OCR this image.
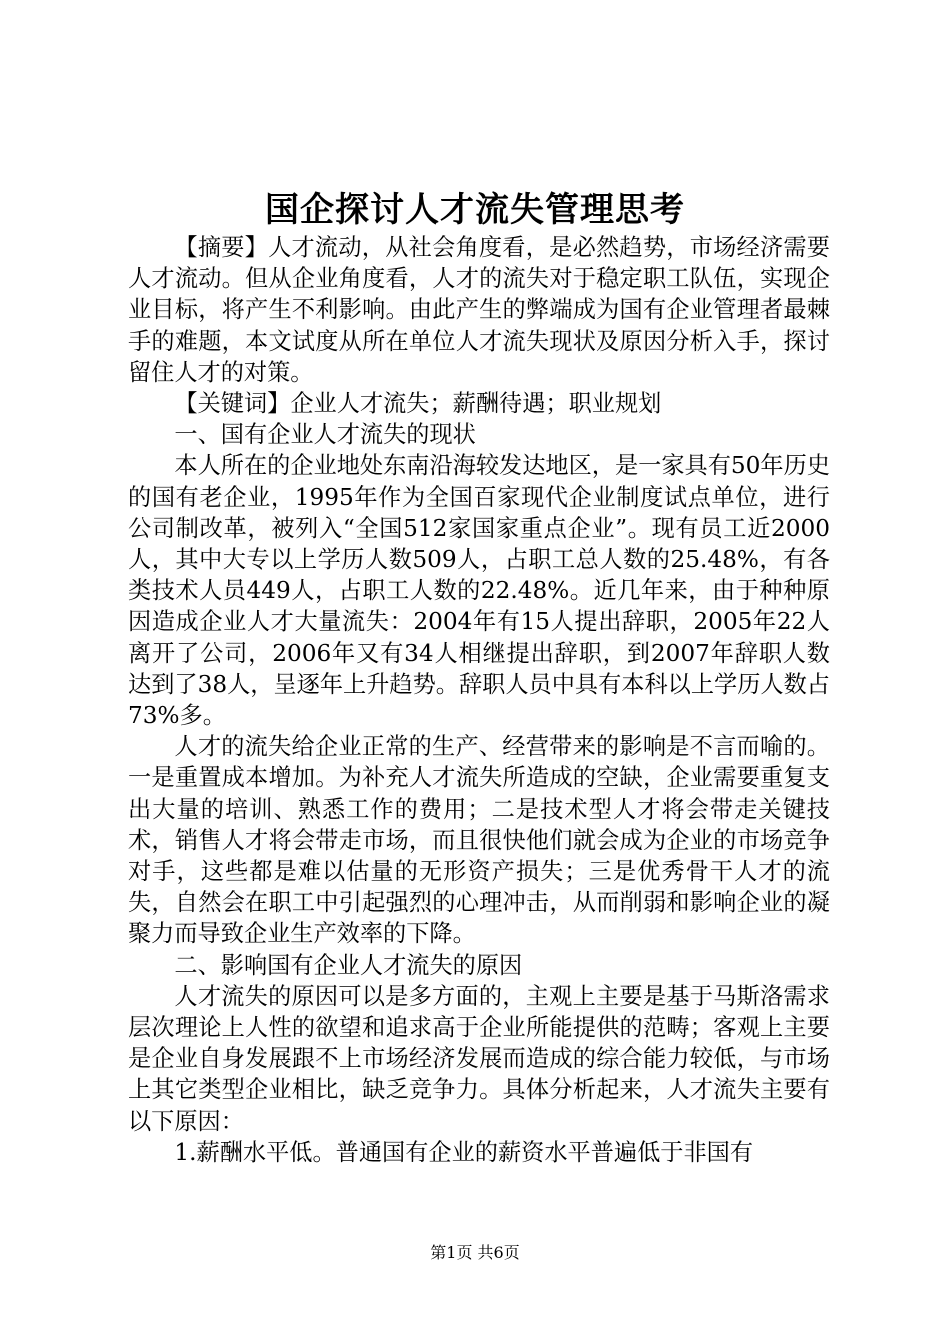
国企探讨人才流失管理思考

【摘要】人才流动，从社会角度看，是必然趋势，市场经济需要人才流动。但从企业角度看，人才的流失对于稳定职工队伍，实现企业目标，将产生不利影响。由此产生的弊端成为国有企业管理者最棘手的难题，本文试度从所在单位人才流失现状及原因分析入手，探讨留住人才的对策。

【关键词】企业人才流失；薪酬待遇；职业规划

一、国有企业人才流失的现状

本人所在的企业地处东南沿海较发达地区，是一家具有50年历史的国有老企业，1995年作为全国百家现代企业制度试点单位，进行公司制改革，被列入“全国512家国家重点企业”。现有员工近2000人，其中大专以上学历人数509人，占职工总人数的25.48%，有各类技术人员449人，占职工人数的22.48%。近几年来，由于种种原因造成企业人才大量流失：2004年有15人提出辞职，2005年22人离开了公司，2006年又有34人相继提出辞职，到2007年辞职人数达到了38人，呈逐年上升趋势。辞职人员中具有本科以上学历人数占73%多。

人才的流失给企业正常的生产、经营带来的影响是不言而喻的。一是重置成本增加。为补充人才流失所造成的空缺，企业需要重复支出大量的培训、熟悉工作的费用；二是技术型人才将会带走关键技术，销售人才将会带走市场，而且很快他们就会成为企业的市场竞争对手，这些都是难以估量的无形资产损失；三是优秀骨干人才的流失，自然会在职工中引起强烈的心理冲击，从而削弱和影响企业的凝聚力而导致企业生产效率的下降。

二、影响国有企业人才流失的原因

人才流失的原因可以是多方面的，主观上主要是基于马斯洛需求层次理论上人性的欲望和追求高于企业所能提供的范畴；客观上主要是企业自身发展跟不上市场经济发展而造成的综合能力较低，与市场上其它类型企业相比，缺乏竞争力。具体分析起来，人才流失主要有以下原因：

1.薪酬水平低。普通国有企业的薪资水平普遍低于非国有

第1页 共6页
